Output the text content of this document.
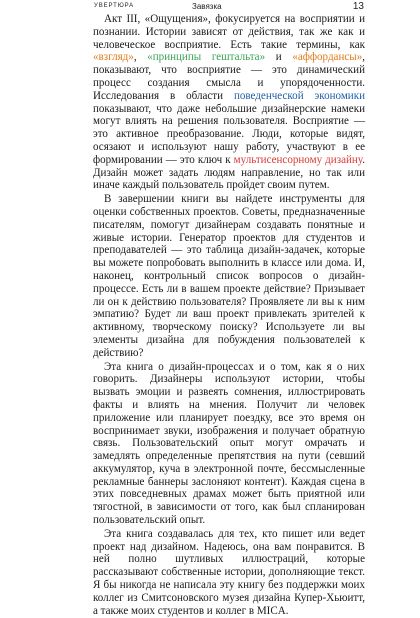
УВЕРТЮРА	Завязка	13

Акт III, «Ощущения», фокусируется на восприятии и познании. Истории зависят от действия, так же как и человеческое восприятие. Есть такие термины, как «взгляд», «принципы гештальта» и «аффордансы», показывают, что восприятие — это динамический процесс создания смысла и упорядоченности. Исследования в области поведенческой экономики показывают, что даже небольшие дизайнерские намеки могут влиять на решения пользователя. Восприятие — это активное преобразование. Люди, которые видят, осязают и используют нашу работу, участвуют в ее формировании — это ключ к мультисенсорному дизайну. Дизайн может задать людям направление, но так или иначе каждый пользователь пройдет своим путем.

В завершении книги вы найдете инструменты для оценки собственных проектов. Советы, предназначенные писателям, помогут дизайнерам создавать понятные и живые истории. Генератор проектов для студентов и преподавателей — это таблица дизайн-задачек, которые вы можете попробовать выполнить в классе или дома. И, наконец, контрольный список вопросов о дизайн-процессе. Есть ли в вашем проекте действие? Призывает ли он к действию пользователя? Проявляете ли вы к ним эмпатию? Будет ли ваш проект привлекать зрителей к активному, творческому поиску? Используете ли вы элементы дизайна для побуждения пользователей к действию?

Эта книга о дизайн-процессах и о том, как я о них говорить. Дизайнеры используют истории, чтобы вызвать эмоции и развеять сомнения, иллюстрировать факты и влиять на мнения. Получит ли человек приложение или планирует поездку, все это время он воспринимает звуки, изображения и получает обратную связь. Пользовательский опыт могут омрачать и замедлять определенные препятствия на пути (севший аккумулятор, куча в электронной почте, бессмысленные рекламные баннеры заслоняют контент). Каждая сцена в этих повседневных драмах может быть приятной или тягостной, в зависимости от того, как был спланирован пользовательский опыт.

Эта книга создавалась для тех, кто пишет или ведет проект над дизайном. Надеюсь, она вам понравится. В ней полно шутливых иллюстраций, которые рассказывают собственные истории, дополняющие текст. Я бы никогда не написала эту книгу без поддержки моих коллег из Смитсоновского музея дизайна Купер-Хьюитт, а также моих студентов и коллег в MICA.
